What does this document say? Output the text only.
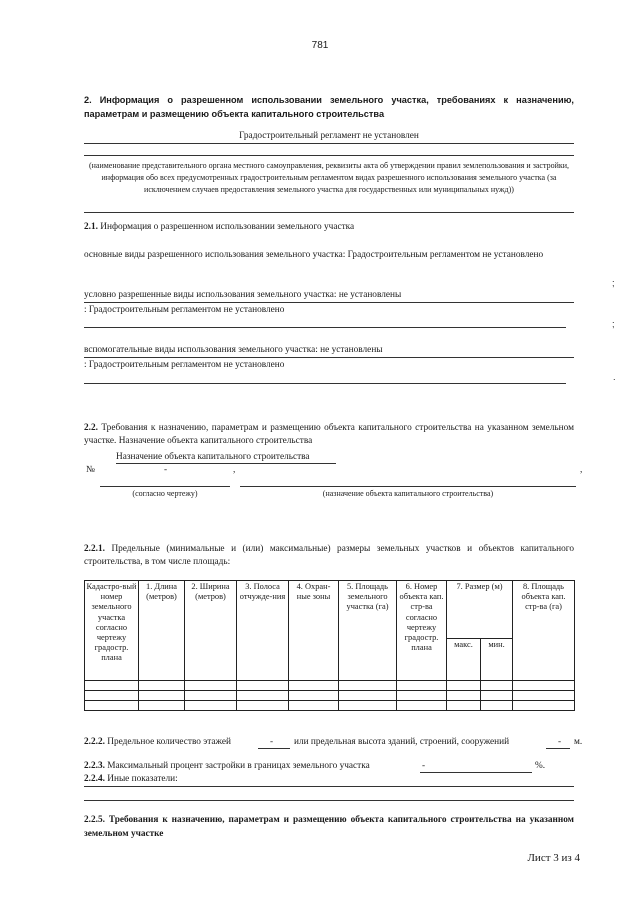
781
2. Информация о разрешенном использовании земельного участка, требованиях к назначению, параметрам и размещению объекта капитального строительства
Градостроительный регламент не установлен
(наименование представительного органа местного самоуправления, реквизиты акта об утверждении правил землепользования и застройки, информация обо всех предусмотренных градостроительным регламентом видах разрешенного использования земельного участка (за исключением случаев предоставления земельного участка для государственных или муниципальных нужд))
2.1. Информация о разрешенном использовании земельного участка
основные виды разрешенного использования земельного участка: Градостроительным регламентом не установлено
условно разрешенные виды использования земельного участка: не установлены
: Градостроительным регламентом не установлено
вспомогательные виды использования земельного участка: не установлены
: Градостроительным регламентом не установлено
;
;
.
2.2. Требования к назначению, параметрам и размещению объекта капитального строительства на указанном земельном участке. Назначение объекта капитального строительства
Назначение объекта капитального строительства
№	-	,	,
(согласно чертежу)	(назначение объекта капитального строительства)
2.2.1. Предельные (минимальные и (или) максимальные) размеры земельных участков и объектов капитального строительства, в том числе площадь:
Кадастро-вый номер земельного участка согласно чертежу градостр. плана	1. Длина (метров)	2. Ширина (метров)	3. Полоса отчужде-ния	4. Охран-ные зоны	5. Площадь земельного участка (га)	6. Номер объекта кап. стр-ва согласно чертежу градостр. плана	7. Размер (м)		8. Площадь объекта кап. стр-ва (га)
							макс.	мин.	

2.2.2. Предельное количество этажей	- или предельная высота зданий, строений, сооружений	- м.
2.2.3. Максимальный процент застройки в границах земельного участка	-	%.
2.2.4. Иные показатели:
2.2.5. Требования к назначению, параметрам и размещению объекта капитального строительства на указанном земельном участке
Лист 3 из 4
